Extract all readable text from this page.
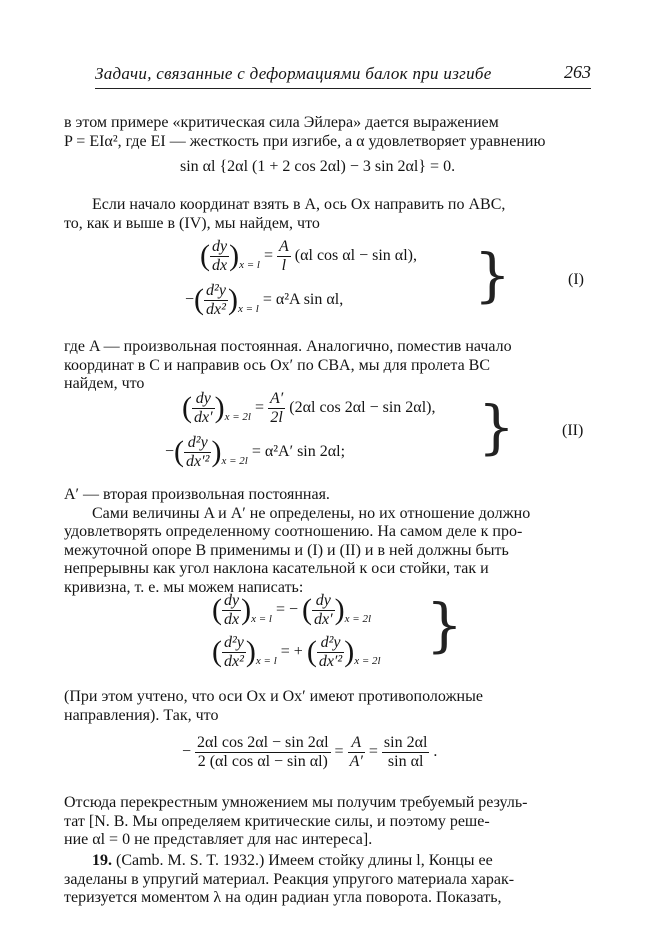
Задачи, связанные с деформациями балок при изгибе	263
в этом примере «критическая сила Эйлера» дается выражением
P = EIα², где EI — жесткость при изгибе, а α удовлетворяет уравнению
sin αl {2αl (1 + 2 cos 2αl) − 3 sin 2αl} = 0.
Если начало координат взять в A, ось Ox направить по ABC,
то, как и выше в (IV), мы найдем, что
( $\frac{dy}{dx} )_{x = l} = \frac{A}{l} (\alpha l$ cos αl − sin αl),
−( $\frac{\text{d²y}}{\text{dx²}} )_{x = l} = \alpha^2A$ sin αl, }	(I)
где A — произвольная постоянная. Аналогично, поместив начало
координат в C и направив ось Ox′ по CBA, мы для пролета BC
найдем, что
( $\frac{dy}{dx'} )_{x = 2l} = \frac{A'}{2l} (2\alpha l$ cos 2αl − sin 2αl),
−( $\frac{\text{d²y}}{\text{dx′²}} )_{x = 2l} = \alpha^2A'$ sin 2αl; }	(II)
A′ — вторая произвольная постоянная.
Сами величины A и A′ не определены, но их отношение должно
удовлетворять определенному соотношению. На самом деле к про-
межуточной опоре B применимы и (I) и (II) и в ней должны быть
непрерывны как угол наклона касательной к оси стойки, так и
кривизна, т. е. мы можем написать:
( $\frac{dy}{dx} )_{x = l}$ = − ( $\frac{dy}{dx'} )_{x = 2l}$
( $\frac{\text{d²y}}{\text{dx²}} )_{x = l}$ = + ( $\frac{\text{d²y}}{\text{dx′²}} )_{x = 2l}$
}
(При этом учтено, что оси Ox и Ox′ имеют противоположные
направления). Так, что
− $\frac{\text{2αl cos 2αl − sin 2αl}}{\text{2 (αl cos αl − sin αl)}} = \frac{A}{A'} = \frac{\sin 2\alpha l}{\text{sin αl}}$ .
Отсюда перекрестным умножением мы получим требуемый резуль-
тат [N. B. Мы определяем критические силы, и поэтому реше-
ние αl = 0 не представляет для нас интереса].
19. (Camb. M. S. T. 1932.) Имеем стойку длины l, Концы ее
заделаны в упругий материал. Реакция упругого материала харак-
теризуется моментом λ на один радиан угла поворота. Показать,
